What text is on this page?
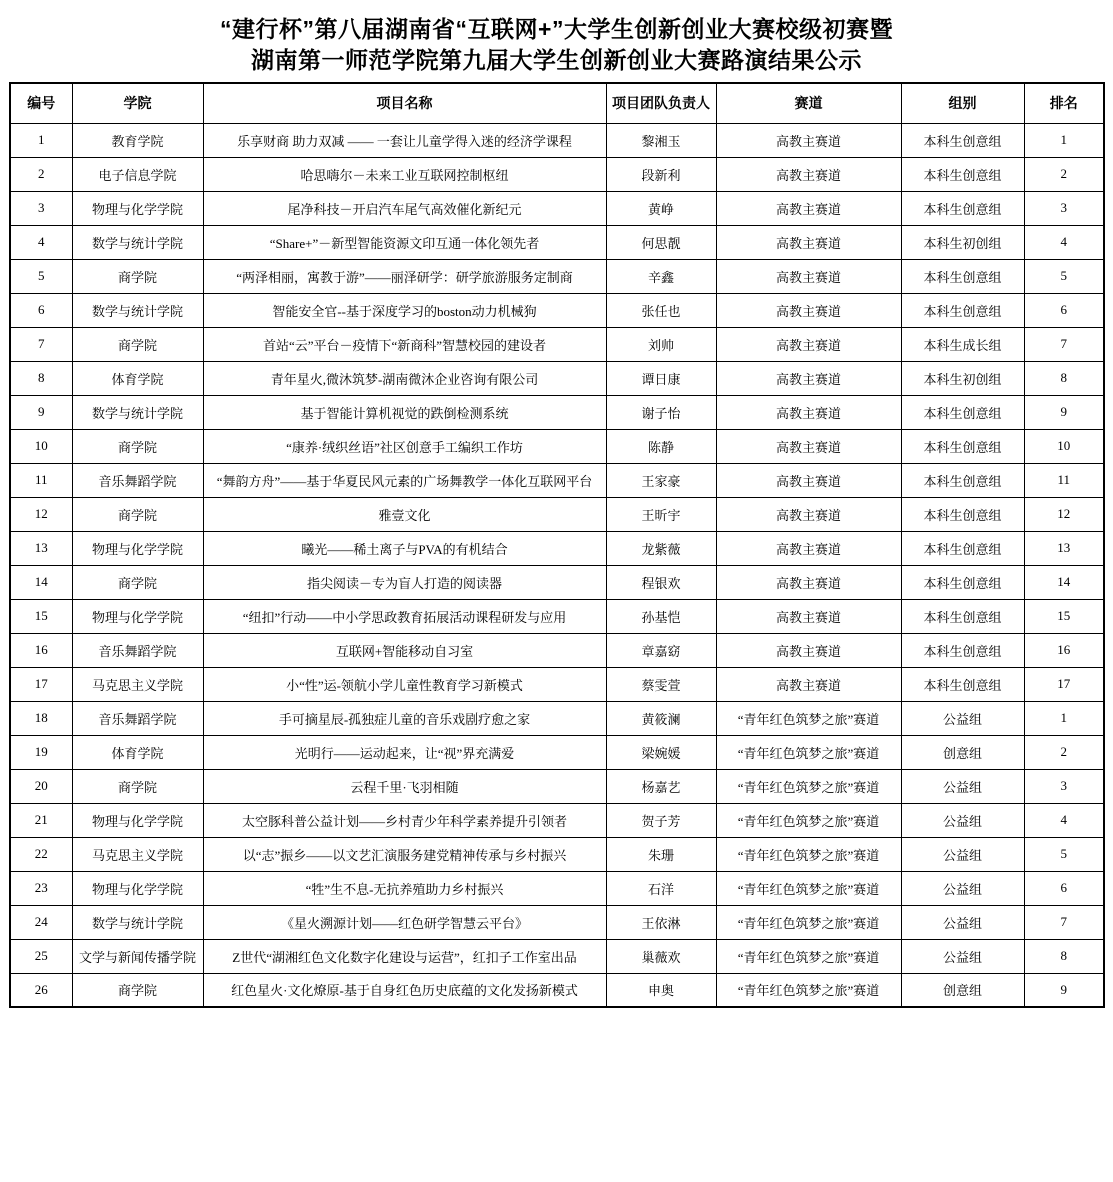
“建行杯”第八届湖南省“互联网+”大学生创新创业大赛校级初赛暨
湖南第一师范学院第九届大学生创新创业大赛路演结果公示
编号	学院	项目名称	项目团队负责人	赛道	组别	排名
1	教育学院	乐享财商 助力双减 —— 一套让儿童学得入迷的经济学课程	黎湘玉	高教主赛道	本科生创意组	1
2	电子信息学院	哈思嗨尔－未来工业互联网控制枢纽	段新利	高教主赛道	本科生创意组	2
3	物理与化学学院	尾净科技－开启汽车尾气高效催化新纪元	黄峥	高教主赛道	本科生创意组	3
4	数学与统计学院	“Share+”－新型智能资源文印互通一体化领先者	何思靓	高教主赛道	本科生初创组	4
5	商学院	“两泽相丽，寓教于游”——丽泽研学：研学旅游服务定制商	辛鑫	高教主赛道	本科生创意组	5
6	数学与统计学院	智能安全官--基于深度学习的boston动力机械狗	张任也	高教主赛道	本科生创意组	6
7	商学院	首站“云”平台－疫情下“新商科”智慧校园的建设者	刘帅	高教主赛道	本科生成长组	7
8	体育学院	青年星火,微沐筑梦-湖南微沐企业咨询有限公司	谭日康	高教主赛道	本科生初创组	8
9	数学与统计学院	基于智能计算机视觉的跌倒检测系统	谢子怡	高教主赛道	本科生创意组	9
10	商学院	“康养·绒织丝语”社区创意手工编织工作坊	陈静	高教主赛道	本科生创意组	10
11	音乐舞蹈学院	“舞韵方舟”——基于华夏民风元素的广场舞教学一体化互联网平台	王家豪	高教主赛道	本科生创意组	11
12	商学院	雅壹文化	王昕宇	高教主赛道	本科生创意组	12
13	物理与化学学院	曦光——稀土离子与PVA的有机结合	龙紫薇	高教主赛道	本科生创意组	13
14	商学院	指尖阅读－专为盲人打造的阅读器	程银欢	高教主赛道	本科生创意组	14
15	物理与化学学院	“纽扣”行动——中小学思政教育拓展活动课程研发与应用	孙基恺	高教主赛道	本科生创意组	15
16	音乐舞蹈学院	互联网+智能移动自习室	章嘉窈	高教主赛道	本科生创意组	16
17	马克思主义学院	小“性”运-领航小学儿童性教育学习新模式	蔡雯萱	高教主赛道	本科生创意组	17
18	音乐舞蹈学院	手可摘星辰-孤独症儿童的音乐戏剧疗愈之家	黄筱澜	“青年红色筑梦之旅”赛道	公益组	1
19	体育学院	光明行——运动起来，让“视”界充满爱	梁婉媛	“青年红色筑梦之旅”赛道	创意组	2
20	商学院	云程千里·飞羽相随	杨嘉艺	“青年红色筑梦之旅”赛道	公益组	3
21	物理与化学学院	太空豚科普公益计划——乡村青少年科学素养提升引领者	贺子芳	“青年红色筑梦之旅”赛道	公益组	4
22	马克思主义学院	以“志”振乡——以文艺汇演服务建党精神传承与乡村振兴	朱珊	“青年红色筑梦之旅”赛道	公益组	5
23	物理与化学学院	“牲”生不息-无抗养殖助力乡村振兴	石洋	“青年红色筑梦之旅”赛道	公益组	6
24	数学与统计学院	《星火溯源计划——红色研学智慧云平台》	王依淋	“青年红色筑梦之旅”赛道	公益组	7
25	文学与新闻传播学院	Z世代“湖湘红色文化数字化建设与运营”，红扣子工作室出品	巢薇欢	“青年红色筑梦之旅”赛道	公益组	8
26	商学院	红色星火·文化燎原-基于自身红色历史底蕴的文化发扬新模式	申奥	“青年红色筑梦之旅”赛道	创意组	9
